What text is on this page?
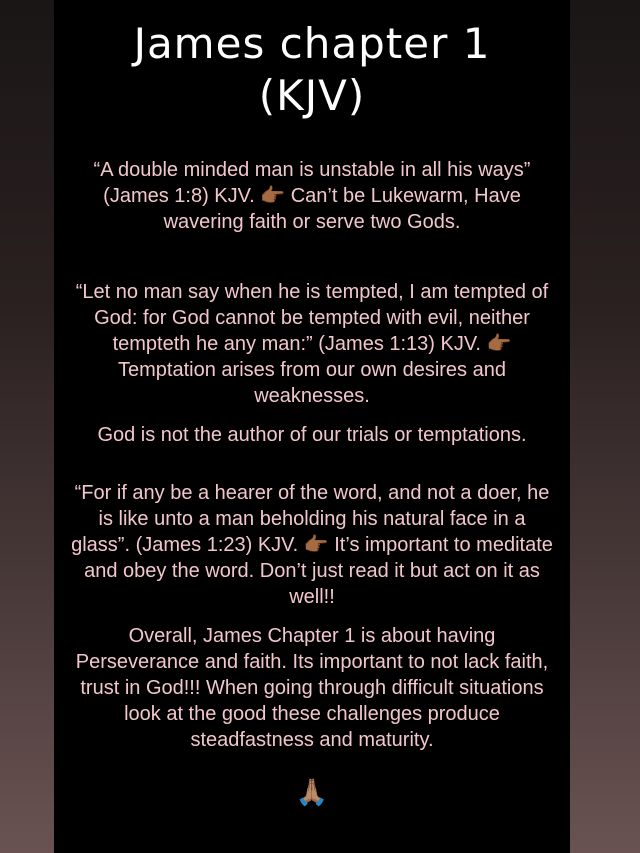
James chapter 1
(KJV)
“A double minded man is unstable in all his ways” (James 1:8) KJV. 👉🏾 Can’t be Lukewarm, Have wavering faith or serve two Gods.
“Let no man say when he is tempted, I am tempted of God: for God cannot be tempted with evil, neither tempteth he any man:” (James 1:13) KJV. 👉🏾 Temptation arises from our own desires and weaknesses.
God is not the author of our trials or temptations.
“For if any be a hearer of the word, and not a doer, he is like unto a man beholding his natural face in a glass”. (James 1:23) KJV. 👉🏾 It’s important to meditate and obey the word. Don’t just read it but act on it as well!!
Overall, James Chapter 1 is about having Perseverance and faith. Its important to not lack faith, trust in God!!! When going through difficult situations look at the good these challenges produce steadfastness and maturity.
🙏🏽
